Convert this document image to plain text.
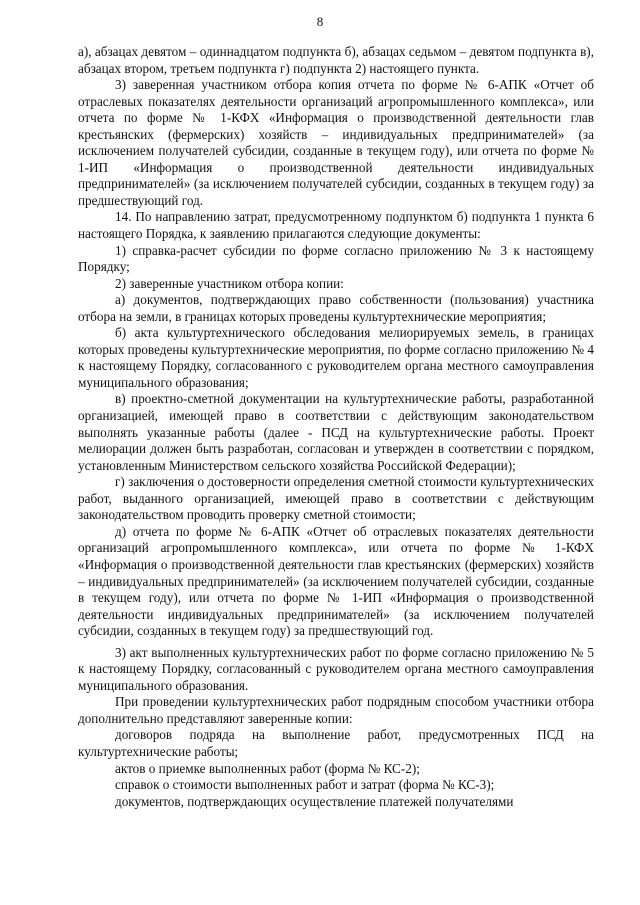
8

а), абзацах девятом – одиннадцатом подпункта б), абзацах седьмом – девятом подпункта в), абзацах втором, третьем подпункта г) подпункта 2) настоящего пункта.

3) заверенная участником отбора копия отчета по форме № 6-АПК «Отчет об отраслевых показателях деятельности организаций агропромышленного комплекса», или отчета по форме № 1-КФХ «Информация о производственной деятельности глав крестьянских (фермерских) хозяйств – индивидуальных предпринимателей» (за исключением получателей субсидии, созданные в текущем году), или отчета по форме № 1-ИП «Информация о производственной деятельности индивидуальных предпринимателей» (за исключением получателей субсидии, созданных в текущем году) за предшествующий год.

14. По направлению затрат, предусмотренному подпунктом б) подпункта 1 пункта 6 настоящего Порядка, к заявлению прилагаются следующие документы:

1) справка-расчет субсидии по форме согласно приложению № 3 к настоящему Порядку;

2) заверенные участником отбора копии:

а) документов, подтверждающих право собственности (пользования) участника отбора на земли, в границах которых проведены культуртехнические мероприятия;

б) акта культуртехнического обследования мелиорируемых земель, в границах которых проведены культуртехнические мероприятия, по форме согласно приложению № 4 к настоящему Порядку, согласованного с руководителем органа местного самоуправления муниципального образования;

в) проектно-сметной документации на культуртехнические работы, разработанной организацией, имеющей право в соответствии с действующим законодательством выполнять указанные работы (далее - ПСД на культуртехнические работы. Проект мелиорации должен быть разработан, согласован и утвержден в соответствии с порядком, установленным Министерством сельского хозяйства Российской Федерации);

г) заключения о достоверности определения сметной стоимости культуртехнических работ, выданного организацией, имеющей право в соответствии с действующим законодательством проводить проверку сметной стоимости;

д) отчета по форме № 6-АПК «Отчет об отраслевых показателях деятельности организаций агропромышленного комплекса», или отчета по форме № 1-КФХ «Информация о производственной деятельности глав крестьянских (фермерских) хозяйств – индивидуальных предпринимателей» (за исключением получателей субсидии, созданные в текущем году), или отчета по форме № 1-ИП «Информация о производственной деятельности индивидуальных предпринимателей» (за исключением получателей субсидии, созданных в текущем году) за предшествующий год.

3) акт выполненных культуртехнических работ по форме согласно приложению № 5 к настоящему Порядку, согласованный с руководителем органа местного самоуправления муниципального образования.

При проведении культуртехнических работ подрядным способом участники отбора дополнительно представляют заверенные копии:

договоров подряда на выполнение работ, предусмотренных ПСД на культуртехнические работы;

актов о приемке выполненных работ (форма № КС-2);

справок о стоимости выполненных работ и затрат (форма № КС-3);

документов, подтверждающих осуществление платежей получателями
